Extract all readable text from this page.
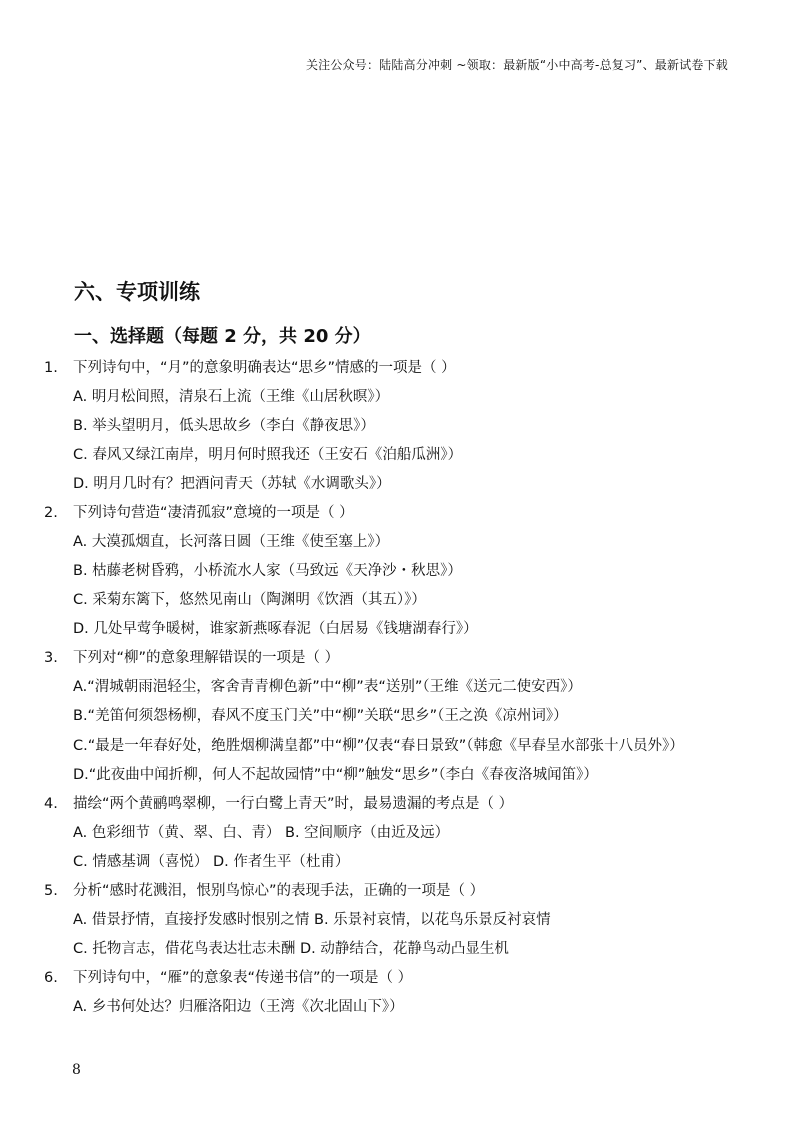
关注公众号：陆陆高分冲刺 ~领取：最新版“小中高考-总复习”、最新试卷下载
六、专项训练
一、选择题（每题 2 分，共 20 分）
1.	下列诗句中，“月”的意象明确表达“思乡”情感的一项是（ ）
A. 明月松间照，清泉石上流（王维《山居秋暝》）
B. 举头望明月，低头思故乡（李白《静夜思》）
C. 春风又绿江南岸，明月何时照我还（王安石《泊船瓜洲》）
D. 明月几时有？把酒问青天（苏轼《水调歌头》）
2.	下列诗句营造“凄清孤寂”意境的一项是（ ）
A. 大漠孤烟直，长河落日圆（王维《使至塞上》）
B. 枯藤老树昏鸦，小桥流水人家（马致远《天净沙・秋思》）
C. 采菊东篱下，悠然见南山（陶渊明《饮酒（其五）》）
D. 几处早莺争暖树，谁家新燕啄春泥（白居易《钱塘湖春行》）
3.	下列对“柳”的意象理解错误的一项是（ ）
A.“渭城朝雨浥轻尘，客舍青青柳色新”中“柳”表“送别”（王维《送元二使安西》）
B.“羌笛何须怨杨柳，春风不度玉门关”中“柳”关联“思乡”（王之涣《凉州词》）
C.“最是一年春好处，绝胜烟柳满皇都”中“柳”仅表“春日景致”（韩愈《早春呈水部张十八员外》）
D.“此夜曲中闻折柳，何人不起故园情”中“柳”触发“思乡”（李白《春夜洛城闻笛》）
4.	描绘“两个黄鹂鸣翠柳，一行白鹭上青天”时，最易遗漏的考点是（ ）
A. 色彩细节（黄、翠、白、青） B. 空间顺序（由近及远）
C. 情感基调（喜悦） D. 作者生平（杜甫）
5.	分析“感时花溅泪，恨别鸟惊心”的表现手法，正确的一项是（ ）
A. 借景抒情，直接抒发感时恨别之情 B. 乐景衬哀情，以花鸟乐景反衬哀情
C. 托物言志，借花鸟表达壮志未酬 D. 动静结合，花静鸟动凸显生机
6.	下列诗句中，“雁”的意象表“传递书信”的一项是（ ）
A. 乡书何处达？归雁洛阳边（王湾《次北固山下》）
8
